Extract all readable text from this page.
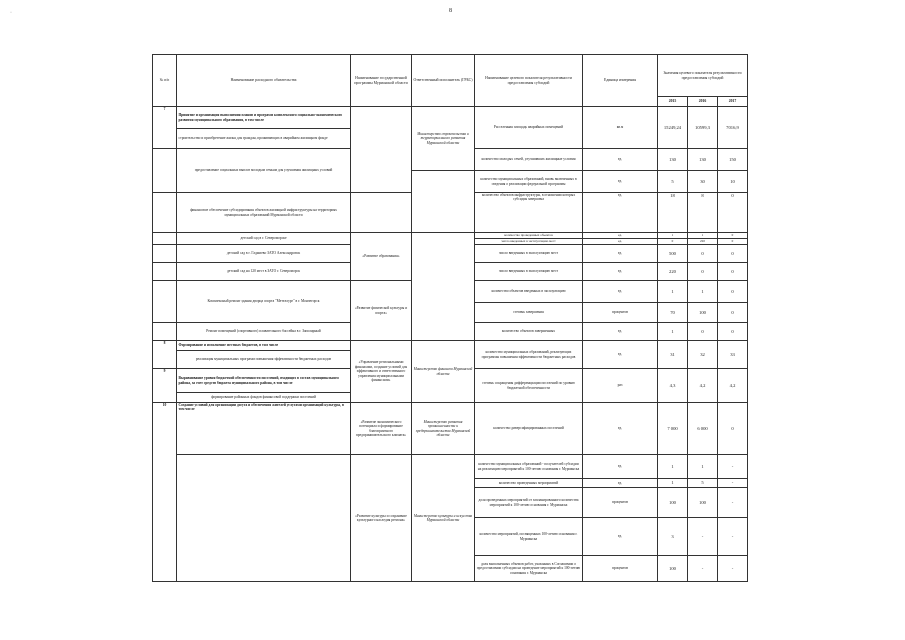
8
·
№ п/п	Наименование расходного обязательства	Наименование государственной программы Мурманской области	Ответственный исполнитель (ГРБС)	Наименование целевого показателя результативности предоставления субсидий	Единица измерения	Значения целевого показателя результативности предоставления субсидий		
						2015	2016	2017
7	Принятие и организация выполнения планов и программ комплексного социально-экономического развития муниципального образования, в том числе		Министерство строительства и территориального развития Мурманской области	Расселенная площадь аварийных помещений	кв.м	15249,24	10599,3	7016,9
	строительство и приобретение жилья для граждан, проживающих в аварийном жилищном фонде							
	предоставление социальных выплат молодым семьям для улучшения жилищных условий			количество молодых семей, улучшивших жилищные условия	ед.	130	130	150
				количество муниципальных образований, вновь включенных в сведения о реализации федеральной программы	ед.	5	30	10
	финансовое обеспечение субсидирования объектов жилищной инфраструктуры на территориях муниципальных образований Мурманской области			количество объектов инфраструктуры, в отношении которых субсидия завершена	ед.	18	8	0
	детский сад в г. Североморске	«Развитие образования»		количество проведенных объектов	ед.	1	1	0
				число введенных в эксплуатацию мест	ед.	0	220	0
	детский сад в г. Гаджиево ЗАТО Александровск			число введенных в эксплуатацию мест	ед.	500	0	0
	детский сад на 120 мест в ЗАТО г. Североморск			число введенных в эксплуатацию мест	ед.	220	0	0
	Комплексный ремонт здания дворца спорта "Метеллург" в г. Мончегорск	«Развитие физической культуры и спорта»		количество объектов введенных в эксплуатацию	ед.	1	1	0
				степень завершения	процентов	70	100	0
	Ремонт помещений (спортивного) плавательного бассейна в г. Заполярный			количество объектов завершенных	ед.	1	0	0
8	Формирование и исполнение местных бюджетов, в том числе	«Управление региональными финансами, создание условий для эффективного и ответственного управления муниципальными финансами»	Министерство финансов Мурманской области	количество муниципальных образований, реализующих программы повышения эффективности бюджетных расходов	ед.	31	32	33
	реализация муниципальных программ повышения эффективности бюджетных расходов							
9	Выравнивание уровня бюджетной обеспеченности поселений, входящих в состав муниципального района, за счет средств бюджета муниципального района, в том числе			степень сокращения дифференциации поселений по уровню бюджетной обеспеченности	раз	4,3	4,2	4,2
	формирование районных фондов финансовой поддержки поселений							
10	Создание условий для организации досуга и обеспечения жителей услугами организаций культуры, в том числе	«Развитие экономического потенциала и формирование благоприятного предпринимательского климата»	Министерство развития промышленности и предпринимательства Мурманской области	количество диверсифицированных поселений	ед.	7 000	6 000	0
		«Развитие культуры и сохранение культурного наследия региона»	Министерство культуры и искусства Мурманской области	количество муниципальных образований - получателей субсидии на реализацию мероприятий к 100-летию основания г. Мурманска	ед.	1	1	-
				количество проведенных мероприятий	ед.	1	5	-
				доля проведенных мероприятий от запланированного количества мероприятий к 100-летию основания г. Мурманска	процентов	100	100	-
				количество мероприятий, посвященных 100-летию основания г. Мурманска	ед.	3	-	-
				доля выполненных объемов работ, указанных в Соглашении о предоставлении субсидии на проведение мероприятий к 100-летию основания г. Мурманска	процентов	100	-	-
